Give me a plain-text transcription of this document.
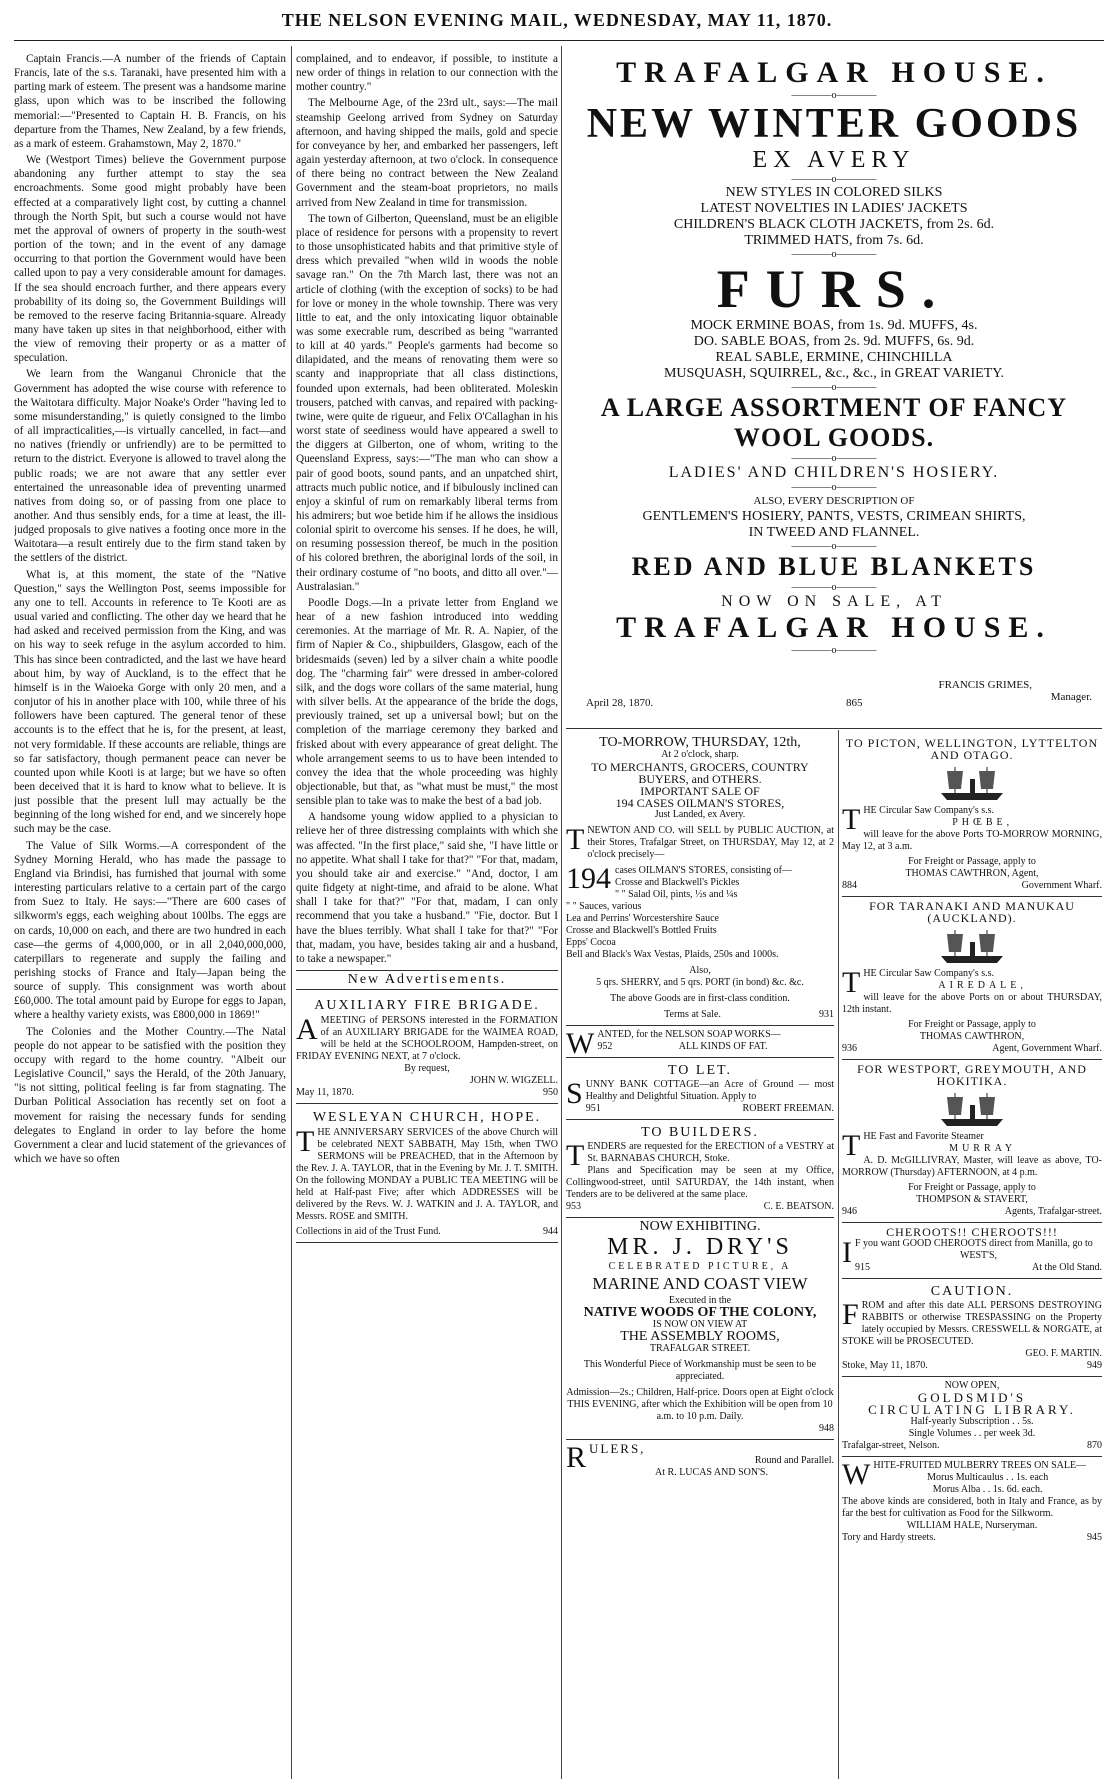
THE NELSON EVENING MAIL, WEDNESDAY, MAY 11, 1870.

Captain Francis.—A number of the friends of Captain Francis, late of the s.s. Taranaki, have presented him with a parting mark of esteem. The present was a handsome marine glass, upon which was to be inscribed the following memorial:—"Presented to Captain H. B. Francis, on his departure from the Thames, New Zealand, by a few friends, as a mark of esteem. Grahamstown, May 2, 1870."

We (Westport Times) believe the Government purpose abandoning any further attempt to stay the sea encroachments. Some good might probably have been effected at a comparatively light cost, by cutting a channel through the North Spit, but such a course would not have met the approval of owners of property in the south-west portion of the town; and in the event of any damage occurring to that portion the Government would have been called upon to pay a very considerable amount for damages. If the sea should encroach further, and there appears every probability of its doing so, the Government Buildings will be removed to the reserve facing Britannia-square. Already many have taken up sites in that neighborhood, either with the view of removing their property or as a matter of speculation.

We learn from the Wanganui Chronicle that the Government has adopted the wise course with reference to the Waitotara difficulty. Major Noake's Order "having led to some misunderstanding," is quietly consigned to the limbo of all impracticalities,—is virtually cancelled, in fact—and no natives (friendly or unfriendly) are to be permitted to return to the district. Everyone is allowed to travel along the public roads; we are not aware that any settler ever entertained the unreasonable idea of preventing unarmed natives from doing so, or of passing from one place to another. And thus sensibly ends, for a time at least, the ill-judged proposals to give natives a footing once more in the Waitotara—a result entirely due to the firm stand taken by the settlers of the district.

What is, at this moment, the state of the "Native Question," says the Wellington Post, seems impossible for any one to tell. Accounts in reference to Te Kooti are as usual varied and conflicting. The other day we heard that he had asked and received permission from the King, and was on his way to seek refuge in the asylum accorded to him. This has since been contradicted, and the last we have heard about him, by way of Auckland, is to the effect that he himself is in the Waioeka Gorge with only 20 men, and a conjutor of his in another place with 100, while three of his followers have been captured. The general tenor of these accounts is to the effect that he is, for the present, at least, not very formidable. If these accounts are reliable, things are so far satisfactory, though permanent peace can never be counted upon while Kooti is at large; but we have so often been deceived that it is hard to know what to believe. It is just possible that the present lull may actually be the beginning of the long wished for end, and we sincerely hope such may be the case.

The Value of Silk Worms.—A correspondent of the Sydney Morning Herald, who has made the passage to England via Brindisi, has furnished that journal with some interesting particulars relative to a certain part of the cargo from Suez to Italy. He says:—"There are 600 cases of silkworm's eggs, each weighing about 100lbs. The eggs are on cards, 10,000 on each, and there are two hundred in each case—the germs of 4,000,000, or in all 2,040,000,000, caterpillars to regenerate and supply the failing and perishing stocks of France and Italy—Japan being the source of supply. This consignment was worth about £60,000. The total amount paid by Europe for eggs to Japan, where a healthy variety exists, was £800,000 in 1869!"

The Colonies and the Mother Country.—The Natal people do not appear to be satisfied with the position they occupy with regard to the home country. "Albeit our Legislative Council," says the Herald, of the 20th January, "is not sitting, political feeling is far from stagnating. The Durban Political Association has recently set on foot a movement for raising the necessary funds for sending delegates to England in order to lay before the home Government a clear and lucid statement of the grievances of which we have so often

complained, and to endeavor, if possible, to institute a new order of things in relation to our connection with the mother country."

The Melbourne Age, of the 23rd ult., says:—The mail steamship Geelong arrived from Sydney on Saturday afternoon, and having shipped the mails, gold and specie for conveyance by her, and embarked her passengers, left again yesterday afternoon, at two o'clock. In consequence of there being no contract between the New Zealand Government and the steam-boat proprietors, no mails arrived from New Zealand in time for transmission.

The town of Gilberton, Queensland, must be an eligible place of residence for persons with a propensity to revert to those unsophisticated habits and that primitive style of dress which prevailed "when wild in woods the noble savage ran." On the 7th March last, there was not an article of clothing (with the exception of socks) to be had for love or money in the whole township. There was very little to eat, and the only intoxicating liquor obtainable was some execrable rum, described as being "warranted to kill at 40 yards." People's garments had become so dilapidated, and the means of renovating them were so scanty and inappropriate that all class distinctions, founded upon externals, had been obliterated. Moleskin trousers, patched with canvas, and repaired with packing-twine, were quite de rigueur, and Felix O'Callaghan in his worst state of seediness would have appeared a swell to the diggers at Gilberton, one of whom, writing to the Queensland Express, says:—"The man who can show a pair of good boots, sound pants, and an unpatched shirt, attracts much public notice, and if bibulously inclined can enjoy a skinful of rum on remarkably liberal terms from his admirers; but woe betide him if he allows the insidious colonial spirit to overcome his senses. If he does, he will, on resuming possession thereof, be much in the position of his colored brethren, the aboriginal lords of the soil, in their ordinary costume of "no boots, and ditto all over."—Australasian."

Poodle Dogs.—In a private letter from England we hear of a new fashion introduced into wedding ceremonies. At the marriage of Mr. R. A. Napier, of the firm of Napier & Co., shipbuilders, Glasgow, each of the bridesmaids (seven) led by a silver chain a white poodle dog. The "charming fair" were dressed in amber-colored silk, and the dogs wore collars of the same material, hung with silver bells. At the appearance of the bride the dogs, previously trained, set up a universal bowl; but on the completion of the marriage ceremony they barked and frisked about with every appearance of great delight. The whole arrangement seems to us to have been intended to convey the idea that the whole proceeding was highly objectionable, but that, as "what must be must," the most sensible plan to take was to make the best of a bad job.

A handsome young widow applied to a physician to relieve her of three distressing complaints with which she was affected. "In the first place," said she, "I have little or no appetite. What shall I take for that?" "For that, madam, you should take air and exercise." "And, doctor, I am quite fidgety at night-time, and afraid to be alone. What shall I take for that?" "For that, madam, I can only recommend that you take a husband." "Fie, doctor. But I have the blues terribly. What shall I take for that?" "For that, madam, you have, besides taking air and a husband, to take a newspaper."

New Advertisements.
AUXILIARY FIRE BRIGADE.
AMEETING of PERSONS interested in the FORMATION of an AUXILIARY BRIGADE for the WAIMEA ROAD, will be held at the SCHOOLROOM, Hampden-street, on FRIDAY EVENING NEXT, at 7 o'clock.
By request,
JOHN W. WIGZELL.
May 11, 1870.	950
WESLEYAN CHURCH, HOPE.
THE ANNIVERSARY SERVICES of the above Church will be celebrated NEXT SABBATH, May 15th, when TWO SERMONS will be PREACHED, that in the Afternoon by the Rev. J. A. TAYLOR, that in the Evening by Mr. J. T. SMITH. On the following MONDAY a PUBLIC TEA MEETING will be held at Half-past Five; after which ADDRESSES will be delivered by the Revs. W. J. WATKIN and J. A. TAYLOR, and Messrs. ROSE and SMITH.
Collections in aid of the Trust Fund.	944
TRAFALGAR HOUSE.
————o————
NEW WINTER GOODS
EX AVERY
————o————
NEW STYLES IN COLORED SILKS
LATEST NOVELTIES IN LADIES' JACKETS
CHILDREN'S BLACK CLOTH JACKETS, from 2s. 6d.
TRIMMED HATS, from 7s. 6d.
————o————
FURS.
MOCK ERMINE BOAS, from 1s. 9d. MUFFS, 4s.
DO. SABLE BOAS, from 2s. 9d. MUFFS, 6s. 9d.
REAL SABLE, ERMINE, CHINCHILLA
MUSQUASH, SQUIRREL, &c., &c., in GREAT VARIETY.
————o————
A LARGE ASSORTMENT OF FANCY WOOL GOODS.
————o————
LADIES' AND CHILDREN'S HOSIERY.
————o————
ALSO, EVERY DESCRIPTION OF
GENTLEMEN'S HOSIERY, PANTS, VESTS, CRIMEAN SHIRTS,
IN TWEED AND FLANNEL.
————o————
RED AND BLUE BLANKETS
————o————
NOW ON SALE, AT
TRAFALGAR HOUSE.
————o————
April 28, 1870.	865
FRANCIS GRIMES,
Manager.
TO-MORROW, THURSDAY, 12th,
At 2 o'clock, sharp.
TO MERCHANTS, GROCERS, COUNTRY BUYERS, and OTHERS.
IMPORTANT SALE OF
194 CASES OILMAN'S STORES,
Just Landed, ex Avery.
TNEWTON AND CO. will SELL by PUBLIC AUCTION, at their Stores, Trafalgar Street, on THURSDAY, May 12, at 2 o'clock precisely—
194 cases OILMAN'S STORES, consisting of—
Crosse and Blackwell's Pickles
" " Salad Oil, pints, ½s and ¼s
" " Sauces, various
Lea and Perrins' Worcestershire Sauce
Crosse and Blackwell's Bottled Fruits
Epps' Cocoa
Bell and Black's Wax Vestas, Plaids, 250s and 1000s.
Also,
5 qrs. SHERRY, and 5 qrs. PORT (in bond) &c. &c.
The above Goods are in first-class condition.
Terms at Sale.	931
WANTED, for the NELSON SOAP WORKS—
952	ALL KINDS OF FAT.
TO LET.
SUNNY BANK COTTAGE—an Acre of Ground — most Healthy and Delightful Situation. Apply to
951	ROBERT FREEMAN.
TO BUILDERS.
TENDERS are requested for the ERECTION of a VESTRY at St. BARNABAS CHURCH, Stoke.
Plans and Specification may be seen at my Office, Collingwood-street, until SATURDAY, the 14th instant, when Tenders are to be delivered at the same place.
953	C. E. BEATSON.
NOW EXHIBITING.
MR. J. DRY'S
CELEBRATED PICTURE, A
MARINE AND COAST VIEW
Executed in the
NATIVE WOODS OF THE COLONY,
IS NOW ON VIEW AT
THE ASSEMBLY ROOMS,
TRAFALGAR STREET.
This Wonderful Piece of Workmanship must be seen to be appreciated.
Admission—2s.; Children, Half-price. Doors open at Eight o'clock THIS EVENING, after which the Exhibition will be open from 10 a.m. to 10 p.m. Daily.
948
R ULERS,
Round and Parallel.
At R. LUCAS AND SON'S.
TO PICTON, WELLINGTON, LYTTELTON AND OTAGO.
THE Circular Saw Company's s.s.
PHŒBE,
will leave for the above Ports TO-MORROW MORNING, May 12, at 3 a.m.
For Freight or Passage, apply to
THOMAS CAWTHRON, Agent,
884	Government Wharf.
FOR TARANAKI AND MANUKAU (AUCKLAND).
THE Circular Saw Company's s.s.
AIREDALE,
will leave for the above Ports on or about THURSDAY, 12th instant.
For Freight or Passage, apply to
THOMAS CAWTHRON,
936	Agent, Government Wharf.
FOR WESTPORT, GREYMOUTH, AND HOKITIKA.
THE Fast and Favorite Steamer
MURRAY
A. D. McGILLIVRAY, Master, will leave as above, TO-MORROW (Thursday) AFTERNOON, at 4 p.m.
For Freight or Passage, apply to
THOMPSON & STAVERT,
946	Agents, Trafalgar-street.
CHEROOTS!! CHEROOTS!!!
I F you want GOOD CHEROOTS direct from Manilla, go to
WEST'S,
915	At the Old Stand.
CAUTION.
FROM and after this date ALL PERSONS DESTROYING RABBITS or otherwise TRESPASSING on the Property lately occupied by Messrs. CRESSWELL & NORGATE, at STOKE will be PROSECUTED.
GEO. F. MARTIN.
Stoke, May 11, 1870.	949
NOW OPEN,
GOLDSMID'S
CIRCULATING LIBRARY.
Half-yearly Subscription . . 5s.
Single Volumes . . per week 3d.
Trafalgar-street, Nelson.	870
WHITE-FRUITED MULBERRY TREES ON SALE—
Morus Multicaulus . . 1s. each
Morus Alba . . 1s. 6d. each.
The above kinds are considered, both in Italy and France, as by far the best for cultivation as Food for the Silkworm.
WILLIAM HALE, Nurseryman.
Tory and Hardy streets.	945
